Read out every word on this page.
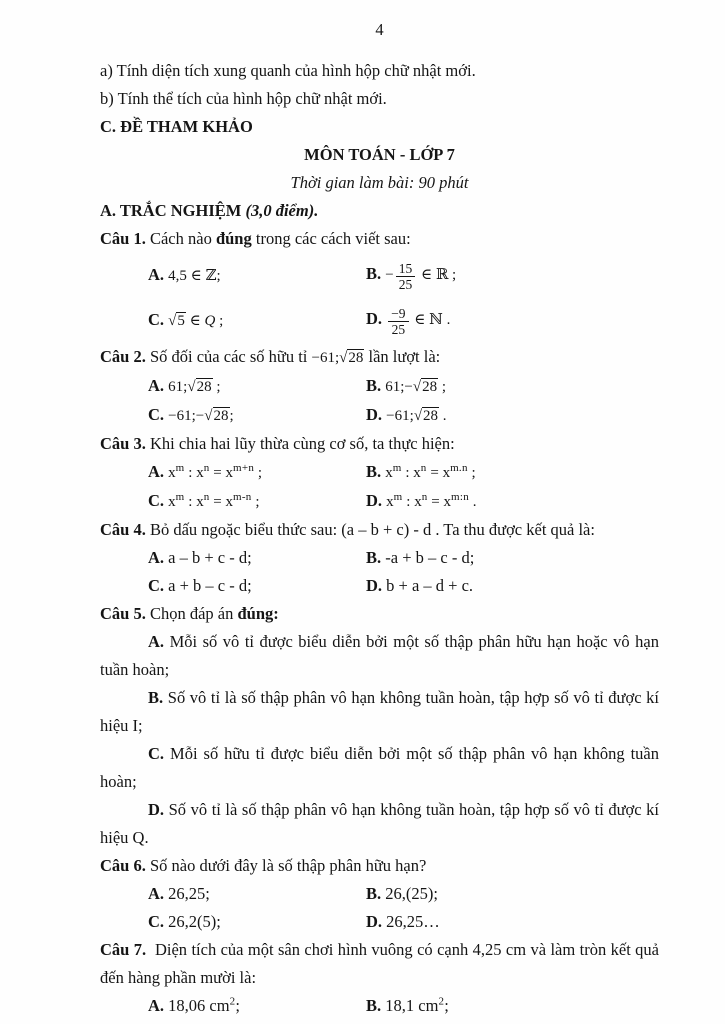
4

a) Tính diện tích xung quanh của hình hộp chữ nhật mới.

b) Tính thể tích của hình hộp chữ nhật mới.

C. ĐỀ THAM KHẢO

MÔN TOÁN - LỚP 7

Thời gian làm bài: 90 phút

A. TRẮC NGHIỆM (3,0 điểm).

Câu 1. Cách nào đúng trong các cách viết sau:

A. 4,5 ∈ ℤ;	B. − $\frac{15}{25}$ ∈ ℝ ;
C. √5 ∈ Q ;	D. $\frac{-9}{25}$ ∈ ℕ .

Câu 2. Số đối của các số hữu tỉ −61;√28 lần lượt là:

A. 61;√28 ;	B. 61;−√28 ;
C. −61;−√28;	D. −61;√28 .

Câu 3. Khi chia hai lũy thừa cùng cơ số, ta thực hiện:

A. $x^m$ : $x^n = x^{m+n}$ ;	B. $x^m$ : $x^n = x^{m.n}$ ;
C. $x^m$ : $x^n = x^{m-n}$ ;	D. $x^m$ : $x^n = x^{m:n}$ .

Câu 4. Bỏ dấu ngoặc biểu thức sau: (a – b + c) - d . Ta thu được kết quả là:

A. a – b + c - d;	B. -a + b – c - d;
C. a + b – c - d;	D. b + a – d + c.

Câu 5. Chọn đáp án đúng:

A. Mỗi số vô tỉ được biểu diễn bởi một số thập phân hữu hạn hoặc vô hạn tuần hoàn;

B. Số vô tỉ là số thập phân vô hạn không tuần hoàn, tập hợp số vô tỉ được kí hiệu I;

C. Mỗi số hữu tỉ được biểu diễn bởi một số thập phân vô hạn không tuần hoàn;

D. Số vô tỉ là số thập phân vô hạn không tuần hoàn, tập hợp số vô tỉ được kí hiệu Q.

Câu 6. Số nào dưới đây là số thập phân hữu hạn?

A. 26,25;	B. 26,(25);
C. 26,2(5);	D. 26,25…

Câu 7. Diện tích của một sân chơi hình vuông có cạnh 4,25 cm và làm tròn kết quả đến hàng phần mười là:

A. 18,06 $cm^2$;	B. 18,1 $cm^2$;
